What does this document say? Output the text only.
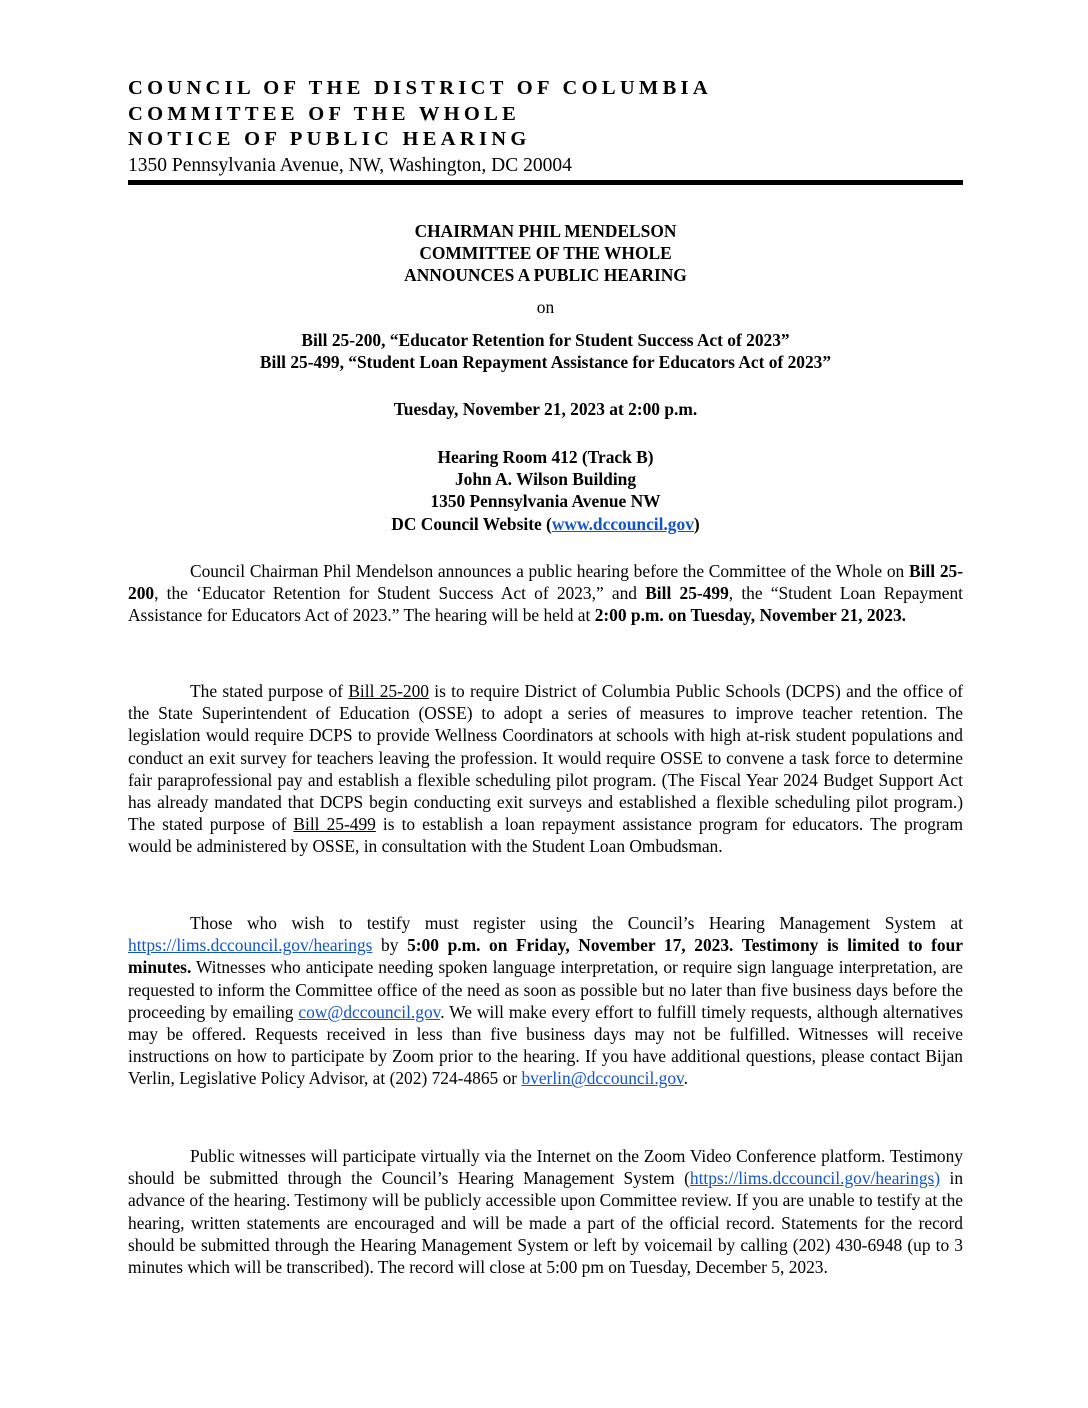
COUNCIL OF THE DISTRICT OF COLUMBIA
COMMITTEE OF THE WHOLE
NOTICE OF PUBLIC HEARING
1350 Pennsylvania Avenue, NW, Washington, DC 20004
CHAIRMAN PHIL MENDELSON
COMMITTEE OF THE WHOLE
ANNOUNCES A PUBLIC HEARING
on
Bill 25-200, “Educator Retention for Student Success Act of 2023”
Bill 25-499, “Student Loan Repayment Assistance for Educators Act of 2023”
Tuesday, November 21, 2023 at 2:00 p.m.
Hearing Room 412 (Track B)
John A. Wilson Building
1350 Pennsylvania Avenue NW
DC Council Website (www.dccouncil.gov)

Council Chairman Phil Mendelson announces a public hearing before the Committee of the Whole on Bill 25-200, the ‘Educator Retention for Student Success Act of 2023,” and Bill 25-499, the “Student Loan Repayment Assistance for Educators Act of 2023.” The hearing will be held at 2:00 p.m. on Tuesday, November 21, 2023.

The stated purpose of Bill 25-200 is to require District of Columbia Public Schools (DCPS) and the office of the State Superintendent of Education (OSSE) to adopt a series of measures to improve teacher retention. The legislation would require DCPS to provide Wellness Coordinators at schools with high at-risk student populations and conduct an exit survey for teachers leaving the profession. It would require OSSE to convene a task force to determine fair paraprofessional pay and establish a flexible scheduling pilot program. (The Fiscal Year 2024 Budget Support Act has already mandated that DCPS begin conducting exit surveys and established a flexible scheduling pilot program.) The stated purpose of Bill 25-499 is to establish a loan repayment assistance program for educators. The program would be administered by OSSE, in consultation with the Student Loan Ombudsman.

Those who wish to testify must register using the Council’s Hearing Management System at https://lims.dccouncil.gov/hearings by 5:00 p.m. on Friday, November 17, 2023. Testimony is limited to four minutes. Witnesses who anticipate needing spoken language interpretation, or require sign language interpretation, are requested to inform the Committee office of the need as soon as possible but no later than five business days before the proceeding by emailing cow@dccouncil.gov. We will make every effort to fulfill timely requests, although alternatives may be offered. Requests received in less than five business days may not be fulfilled. Witnesses will receive instructions on how to participate by Zoom prior to the hearing. If you have additional questions, please contact Bijan Verlin, Legislative Policy Advisor, at (202) 724-4865 or bverlin@dccouncil.gov.

Public witnesses will participate virtually via the Internet on the Zoom Video Conference platform. Testimony should be submitted through the Council’s Hearing Management System (https://lims.dccouncil.gov/hearings) in advance of the hearing. Testimony will be publicly accessible upon Committee review. If you are unable to testify at the hearing, written statements are encouraged and will be made a part of the official record. Statements for the record should be submitted through the Hearing Management System or left by voicemail by calling (202) 430-6948 (up to 3 minutes which will be transcribed). The record will close at 5:00 pm on Tuesday, December 5, 2023.
